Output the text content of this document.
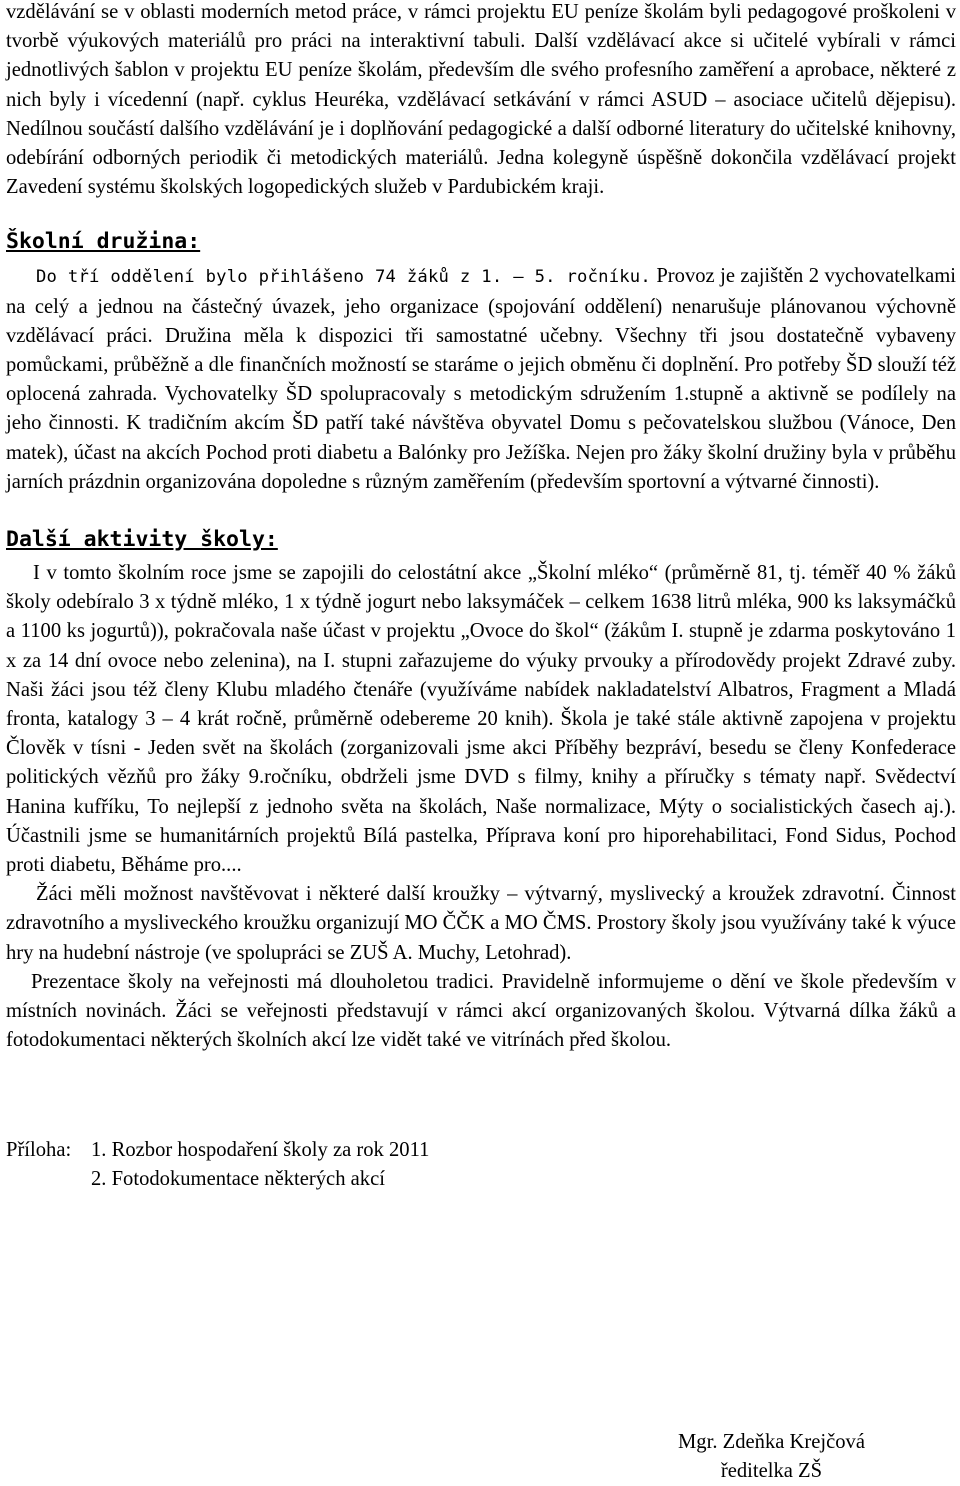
vzdělávání se v oblasti moderních metod práce, v rámci projektu EU peníze školám byli pedagogové proškoleni v tvorbě výukových materiálů pro práci na interaktivní tabuli. Další vzdělávací akce si učitelé vybírali v rámci jednotlivých šablon v projektu EU peníze školám, především dle svého profesního zaměření a aprobace, některé z nich byly i vícedenní (např. cyklus Heuréka, vzdělávací setkávání v rámci ASUD – asociace učitelů dějepisu). Nedílnou součástí dalšího vzdělávání je i doplňování pedagogické a další odborné literatury do učitelské knihovny, odebírání odborných periodik či metodických materiálů. Jedna kolegyně úspěšně dokončila vzdělávací projekt Zavedení systému školských logopedických služeb v Pardubickém kraji.

Školní družina:

Do tří oddělení bylo přihlášeno 74 žáků z 1. – 5. ročníku. Provoz je zajištěn 2 vychovatelkami na celý a jednou na částečný úvazek, jeho organizace (spojování oddělení) nenarušuje plánovanou výchovně vzdělávací práci. Družina měla k dispozici tři samostatné učebny. Všechny tři jsou dostatečně vybaveny pomůckami, průběžně a dle finančních možností se staráme o jejich obměnu či doplnění. Pro potřeby ŠD slouží též oplocená zahrada. Vychovatelky ŠD spolupracovaly s metodickým sdružením 1.stupně a aktivně se podílely na jeho činnosti. K tradičním akcím ŠD patří také návštěva obyvatel Domu s pečovatelskou službou (Vánoce, Den matek), účast na akcích Pochod proti diabetu a Balónky pro Ježíška. Nejen pro žáky školní družiny byla v průběhu jarních prázdnin organizována dopoledne s různým zaměřením (především sportovní a výtvarné činnosti).

Další aktivity školy:

I v tomto školním roce jsme se zapojili do celostátní akce „Školní mléko“ (průměrně 81, tj. téměř 40 % žáků školy odebíralo 3 x týdně mléko, 1 x týdně jogurt nebo laksymáček – celkem 1638 litrů mléka, 900 ks laksymáčků a 1100 ks jogurtů)), pokračovala naše účast v projektu „Ovoce do škol“ (žákům I. stupně je zdarma poskytováno 1 x za 14 dní ovoce nebo zelenina), na I. stupni zařazujeme do výuky prvouky a přírodovědy projekt Zdravé zuby. Naši žáci jsou též členy Klubu mladého čtenáře (využíváme nabídek nakladatelství Albatros, Fragment a Mladá fronta, katalogy 3 – 4 krát ročně, průměrně odebereme 20 knih). Škola je také stále aktivně zapojena v projektu Člověk v tísni - Jeden svět na školách (zorganizovali jsme akci Příběhy bezpráví, besedu se členy Konfederace politických vězňů pro žáky 9.ročníku, obdrželi jsme DVD s filmy, knihy a příručky s tématy např. Svědectví Hanina kufříku, To nejlepší z jednoho světa na školách, Naše normalizace, Mýty o socialistických časech aj.). Účastnili jsme se humanitárních projektů Bílá pastelka, Příprava koní pro hiporehabilitaci, Fond Sidus, Pochod proti diabetu, Běháme pro....

Žáci měli možnost navštěvovat i některé další kroužky – výtvarný, myslivecký a kroužek zdravotní. Činnost zdravotního a mysliveckého kroužku organizují MO ČČK a MO ČMS. Prostory školy jsou využívány také k výuce hry na hudební nástroje (ve spolupráci se ZUŠ A. Muchy, Letohrad).

Prezentace školy na veřejnosti má dlouholetou tradici. Pravidelně informujeme o dění ve škole především v místních novinách. Žáci se veřejnosti představují v rámci akcí organizovaných školou. Výtvarná dílka žáků a fotodokumentaci některých školních akcí lze vidět také ve vitrínách před školou.

Příloha: 1. Rozbor hospodaření školy za rok 2011
2. Fotodokumentace některých akcí
Mgr. Zdeňka Krejčová
ředitelka ZŠ
